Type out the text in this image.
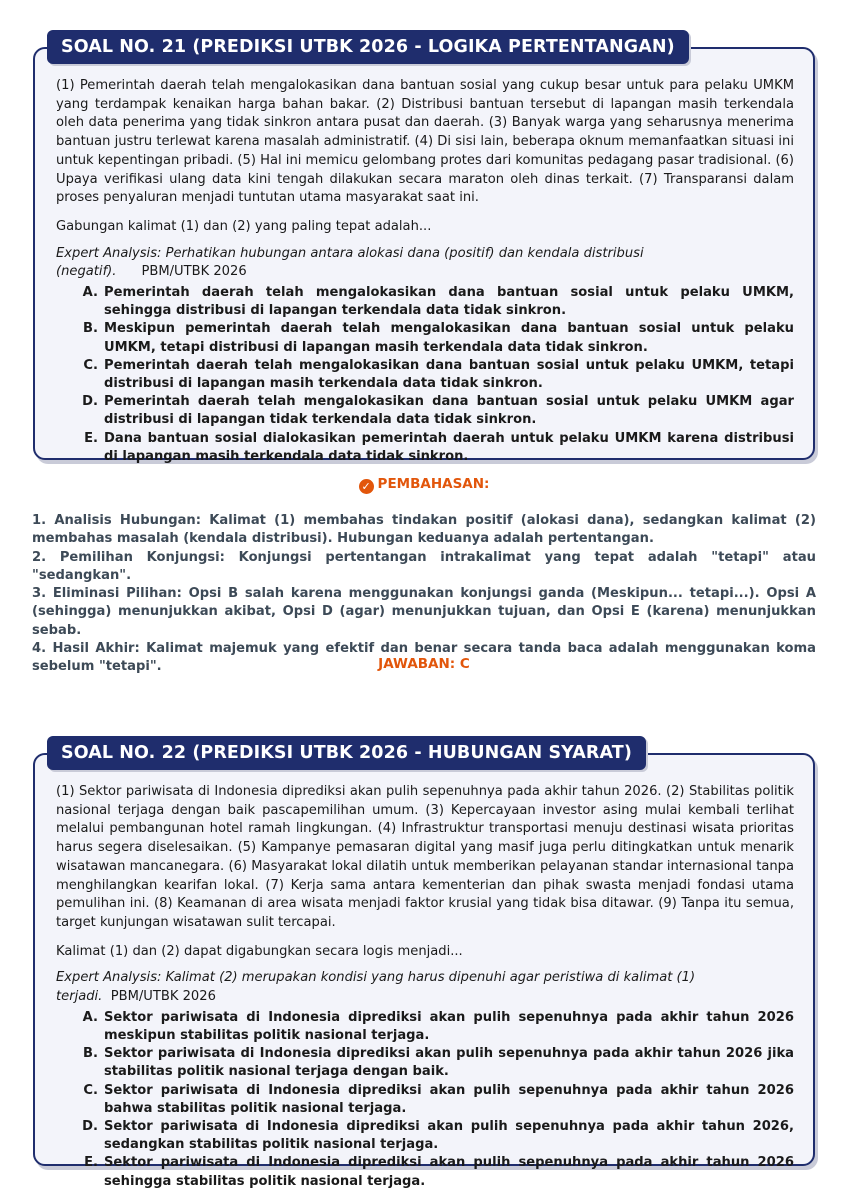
(1) Pemerintah daerah telah mengalokasikan dana bantuan sosial yang cukup besar untuk para pelaku UMKM yang terdampak kenaikan harga bahan bakar. (2) Distribusi bantuan tersebut di lapangan masih terkendala oleh data penerima yang tidak sinkron antara pusat dan daerah. (3) Banyak warga yang seharusnya menerima bantuan justru terlewat karena masalah administratif. (4) Di sisi lain, beberapa oknum memanfaatkan situasi ini untuk kepentingan pribadi. (5) Hal ini memicu gelombang protes dari komunitas pedagang pasar tradisional. (6) Upaya verifikasi ulang data kini tengah dilakukan secara maraton oleh dinas terkait. (7) Transparansi dalam proses penyaluran menjadi tuntutan utama masyarakat saat ini.

Gabungan kalimat (1) dan (2) yang paling tepat adalah...

Expert Analysis: Perhatikan hubungan antara alokasi dana (positif) dan kendala distribusi (negatif). PBM/UTBK 2026

A. Pemerintah daerah telah mengalokasikan dana bantuan sosial untuk pelaku UMKM, sehingga distribusi di lapangan terkendala data tidak sinkron.
B. Meskipun pemerintah daerah telah mengalokasikan dana bantuan sosial untuk pelaku UMKM, tetapi distribusi di lapangan masih terkendala data tidak sinkron.
C. Pemerintah daerah telah mengalokasikan dana bantuan sosial untuk pelaku UMKM, tetapi distribusi di lapangan masih terkendala data tidak sinkron.
D. Pemerintah daerah telah mengalokasikan dana bantuan sosial untuk pelaku UMKM agar distribusi di lapangan tidak terkendala data tidak sinkron.
E. Dana bantuan sosial dialokasikan pemerintah daerah untuk pelaku UMKM karena distribusi di lapangan masih terkendala data tidak sinkron.
SOAL NO. 21 (PREDIKSI UTBK 2026 - LOGIKA PERTENTANGAN)
✓ PEMBAHASAN:

1. Analisis Hubungan: Kalimat (1) membahas tindakan positif (alokasi dana), sedangkan kalimat (2) membahas masalah (kendala distribusi). Hubungan keduanya adalah pertentangan.

2. Pemilihan Konjungsi: Konjungsi pertentangan intrakalimat yang tepat adalah "tetapi" atau "sedangkan".

3. Eliminasi Pilihan: Opsi B salah karena menggunakan konjungsi ganda (Meskipun... tetapi...). Opsi A (sehingga) menunjukkan akibat, Opsi D (agar) menunjukkan tujuan, dan Opsi E (karena) menunjukkan sebab.

4. Hasil Akhir: Kalimat majemuk yang efektif dan benar secara tanda baca adalah menggunakan koma sebelum "tetapi".	JAWABAN: C

(1) Sektor pariwisata di Indonesia diprediksi akan pulih sepenuhnya pada akhir tahun 2026. (2) Stabilitas politik nasional terjaga dengan baik pascapemilihan umum. (3) Kepercayaan investor asing mulai kembali terlihat melalui pembangunan hotel ramah lingkungan. (4) Infrastruktur transportasi menuju destinasi wisata prioritas harus segera diselesaikan. (5) Kampanye pemasaran digital yang masif juga perlu ditingkatkan untuk menarik wisatawan mancanegara. (6) Masyarakat lokal dilatih untuk memberikan pelayanan standar internasional tanpa menghilangkan kearifan lokal. (7) Kerja sama antara kementerian dan pihak swasta menjadi fondasi utama pemulihan ini. (8) Keamanan di area wisata menjadi faktor krusial yang tidak bisa ditawar. (9) Tanpa itu semua, target kunjungan wisatawan sulit tercapai.

Kalimat (1) dan (2) dapat digabungkan secara logis menjadi...

Expert Analysis: Kalimat (2) merupakan kondisi yang harus dipenuhi agar peristiwa di kalimat (1) terjadi. PBM/UTBK 2026

A. Sektor pariwisata di Indonesia diprediksi akan pulih sepenuhnya pada akhir tahun 2026 meskipun stabilitas politik nasional terjaga.
B. Sektor pariwisata di Indonesia diprediksi akan pulih sepenuhnya pada akhir tahun 2026 jika stabilitas politik nasional terjaga dengan baik.
C. Sektor pariwisata di Indonesia diprediksi akan pulih sepenuhnya pada akhir tahun 2026 bahwa stabilitas politik nasional terjaga.
D. Sektor pariwisata di Indonesia diprediksi akan pulih sepenuhnya pada akhir tahun 2026, sedangkan stabilitas politik nasional terjaga.
E. Sektor pariwisata di Indonesia diprediksi akan pulih sepenuhnya pada akhir tahun 2026 sehingga stabilitas politik nasional terjaga.
SOAL NO. 22 (PREDIKSI UTBK 2026 - HUBUNGAN SYARAT)
